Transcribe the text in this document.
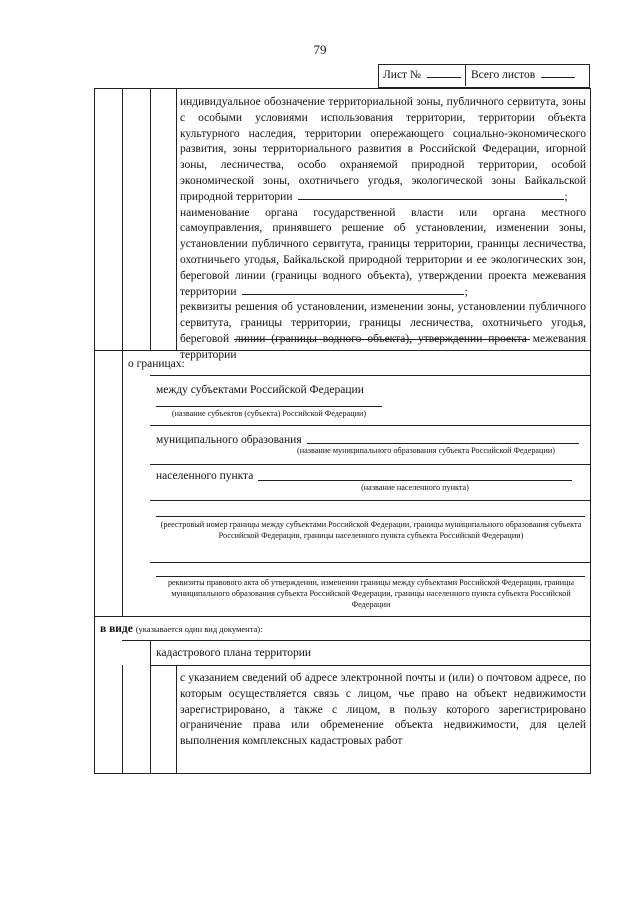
79
Лист №	Всего листов
индивидуальное обозначение территориальной зоны, публичного сервитута, зоны с особыми условиями использования территории, территории объекта культурного наследия, территории опережающего социально-экономического развития, зоны территориального развития в Российской Федерации, игорной зоны, лесничества, особо охраняемой природной территории, особой экономической зоны, охотничьего угодья, экологической зоны Байкальской природной территории	;
наименование органа государственной власти или органа местного самоуправления, принявшего решение об установлении, изменении зоны, установлении публичного сервитута, границы территории, границы лесничества, охотничьего угодья, Байкальской природной территории и ее экологических зон, береговой линии (границы водного объекта), утверждении проекта межевания территории	;
реквизиты решения об установлении, изменении зоны, установлении публичного сервитута, границы территории, границы лесничества, охотничьего угодья, береговой линии (границы водного объекта), утверждении проекта межевания территории
о границах:
между субъектами Российской Федерации
(название субъектов (субъекта) Российской Федерации)
муниципального образования
(название муниципального образования субъекта Российской Федерации)
населенного пункта
(название населенного пункта)
(реестровый номер границы между субъектами Российской Федерации, границы муниципального образования субъекта Российской Федерации, границы населенного пункта субъекта Российской Федерации)
реквизиты правового акта об утверждении, изменении границы между субъектами Российской Федерации, границы муниципального образования субъекта Российской Федерации, границы населенного пункта субъекта Российской Федерации
в виде (указывается один вид документа):
кадастрового плана территории
с указанием сведений об адресе электронной почты и (или) о почтовом адресе, по которым осуществляется связь с лицом, чье право на объект недвижимости зарегистрировано, а также с лицом, в пользу которого зарегистрировано ограничение права или обременение объекта недвижимости, для целей выполнения комплексных кадастровых работ
